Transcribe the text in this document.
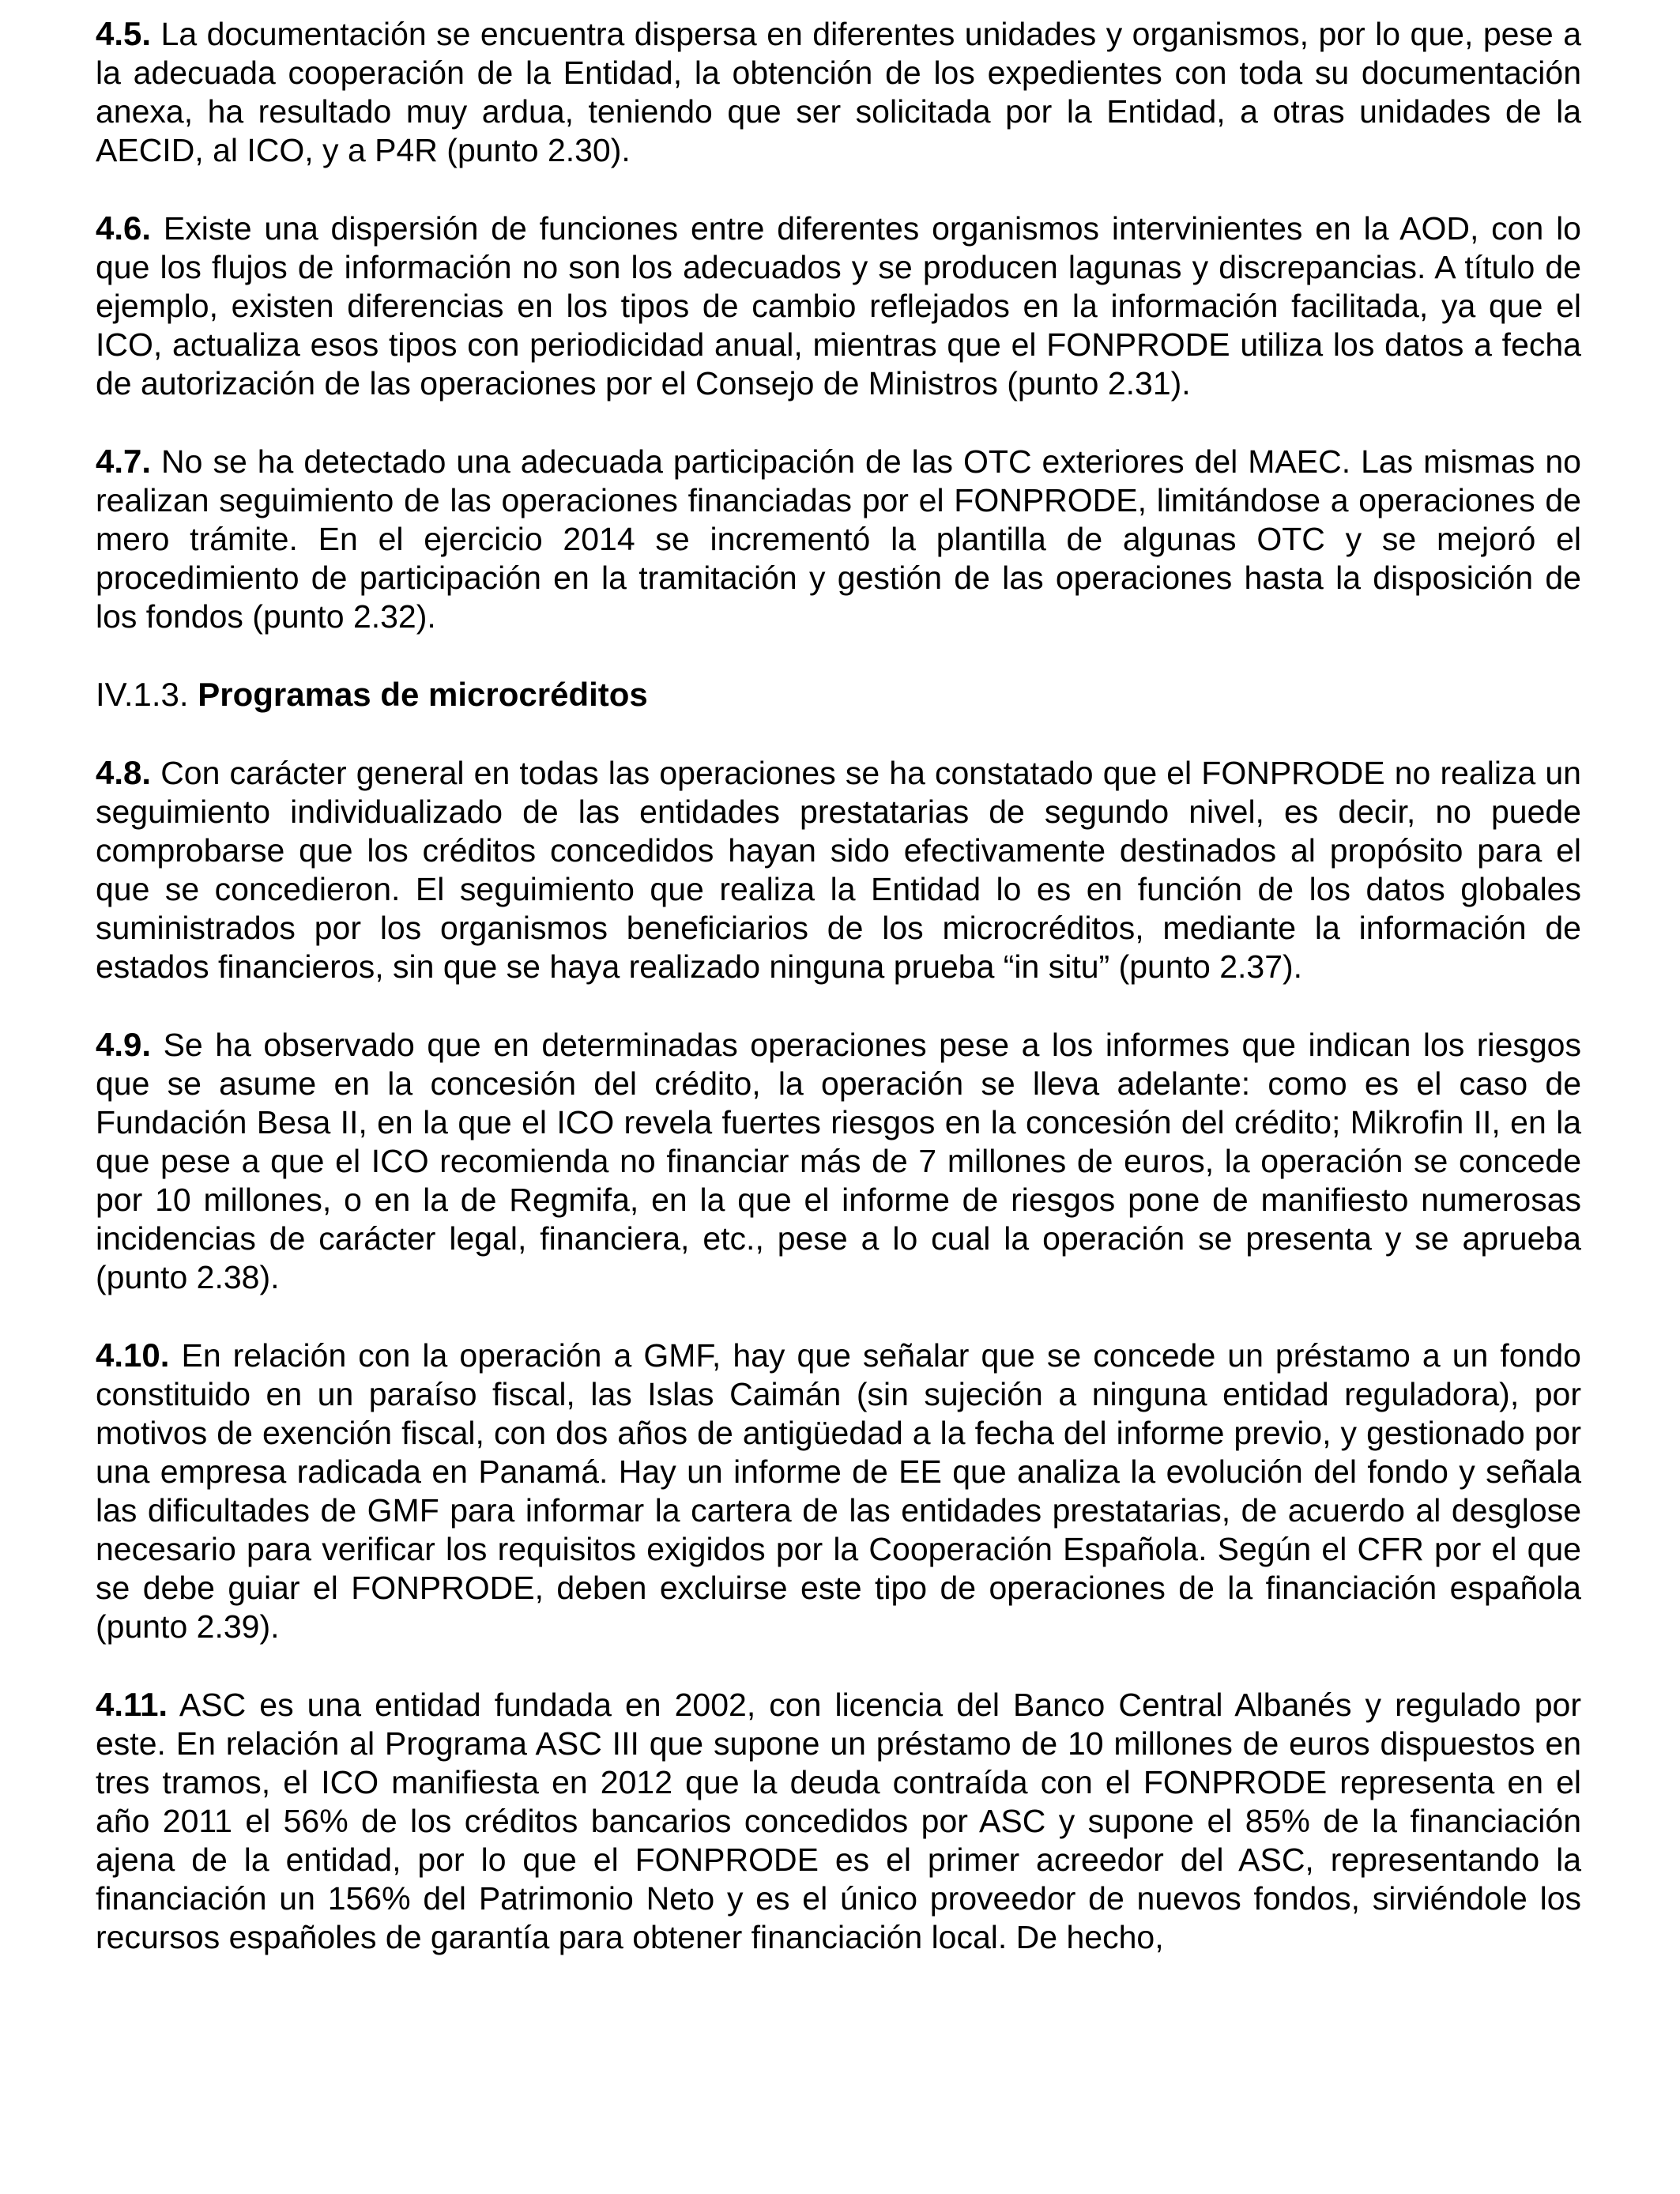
4.5. La documentación se encuentra dispersa en diferentes unidades y organismos, por lo que, pese a la adecuada cooperación de la Entidad, la obtención de los expedientes con toda su documentación anexa, ha resultado muy ardua, teniendo que ser solicitada por la Entidad, a otras unidades de la AECID, al ICO, y a P4R (punto 2.30).

4.6. Existe una dispersión de funciones entre diferentes organismos intervinientes en la AOD, con lo que los flujos de información no son los adecuados y se producen lagunas y discrepancias. A título de ejemplo, existen diferencias en los tipos de cambio reflejados en la información facilitada, ya que el ICO, actualiza esos tipos con periodicidad anual, mientras que el FONPRODE utiliza los datos a fecha de autorización de las operaciones por el Consejo de Ministros (punto 2.31).

4.7. No se ha detectado una adecuada participación de las OTC exteriores del MAEC. Las mismas no realizan seguimiento de las operaciones financiadas por el FONPRODE, limitándose a operaciones de mero trámite. En el ejercicio 2014 se incrementó la plantilla de algunas OTC y se mejoró el procedimiento de participación en la tramitación y gestión de las operaciones hasta la disposición de los fondos (punto 2.32).

IV.1.3. Programas de microcréditos

4.8. Con carácter general en todas las operaciones se ha constatado que el FONPRODE no realiza un seguimiento individualizado de las entidades prestatarias de segundo nivel, es decir, no puede comprobarse que los créditos concedidos hayan sido efectivamente destinados al propósito para el que se concedieron. El seguimiento que realiza la Entidad lo es en función de los datos globales suministrados por los organismos beneficiarios de los microcréditos, mediante la información de estados financieros, sin que se haya realizado ninguna prueba “in situ” (punto 2.37).

4.9. Se ha observado que en determinadas operaciones pese a los informes que indican los riesgos que se asume en la concesión del crédito, la operación se lleva adelante: como es el caso de Fundación Besa II, en la que el ICO revela fuertes riesgos en la concesión del crédito; Mikrofin II, en la que pese a que el ICO recomienda no financiar más de 7 millones de euros, la operación se concede por 10 millones, o en la de Regmifa, en la que el informe de riesgos pone de manifiesto numerosas incidencias de carácter legal, financiera, etc., pese a lo cual la operación se presenta y se aprueba (punto 2.38).

4.10. En relación con la operación a GMF, hay que señalar que se concede un préstamo a un fondo constituido en un paraíso fiscal, las Islas Caimán (sin sujeción a ninguna entidad reguladora), por motivos de exención fiscal, con dos años de antigüedad a la fecha del informe previo, y gestionado por una empresa radicada en Panamá. Hay un informe de EE que analiza la evolución del fondo y señala las dificultades de GMF para informar la cartera de las entidades prestatarias, de acuerdo al desglose necesario para verificar los requisitos exigidos por la Cooperación Española. Según el CFR por el que se debe guiar el FONPRODE, deben excluirse este tipo de operaciones de la financiación española (punto 2.39).

4.11. ASC es una entidad fundada en 2002, con licencia del Banco Central Albanés y regulado por este. En relación al Programa ASC III que supone un préstamo de 10 millones de euros dispuestos en tres tramos, el ICO manifiesta en 2012 que la deuda contraída con el FONPRODE representa en el año 2011 el 56% de los créditos bancarios concedidos por ASC y supone el 85% de la financiación ajena de la entidad, por lo que el FONPRODE es el primer acreedor del ASC, representando la financiación un 156% del Patrimonio Neto y es el único proveedor de nuevos fondos, sirviéndole los recursos españoles de garantía para obtener financiación local. De hecho,
